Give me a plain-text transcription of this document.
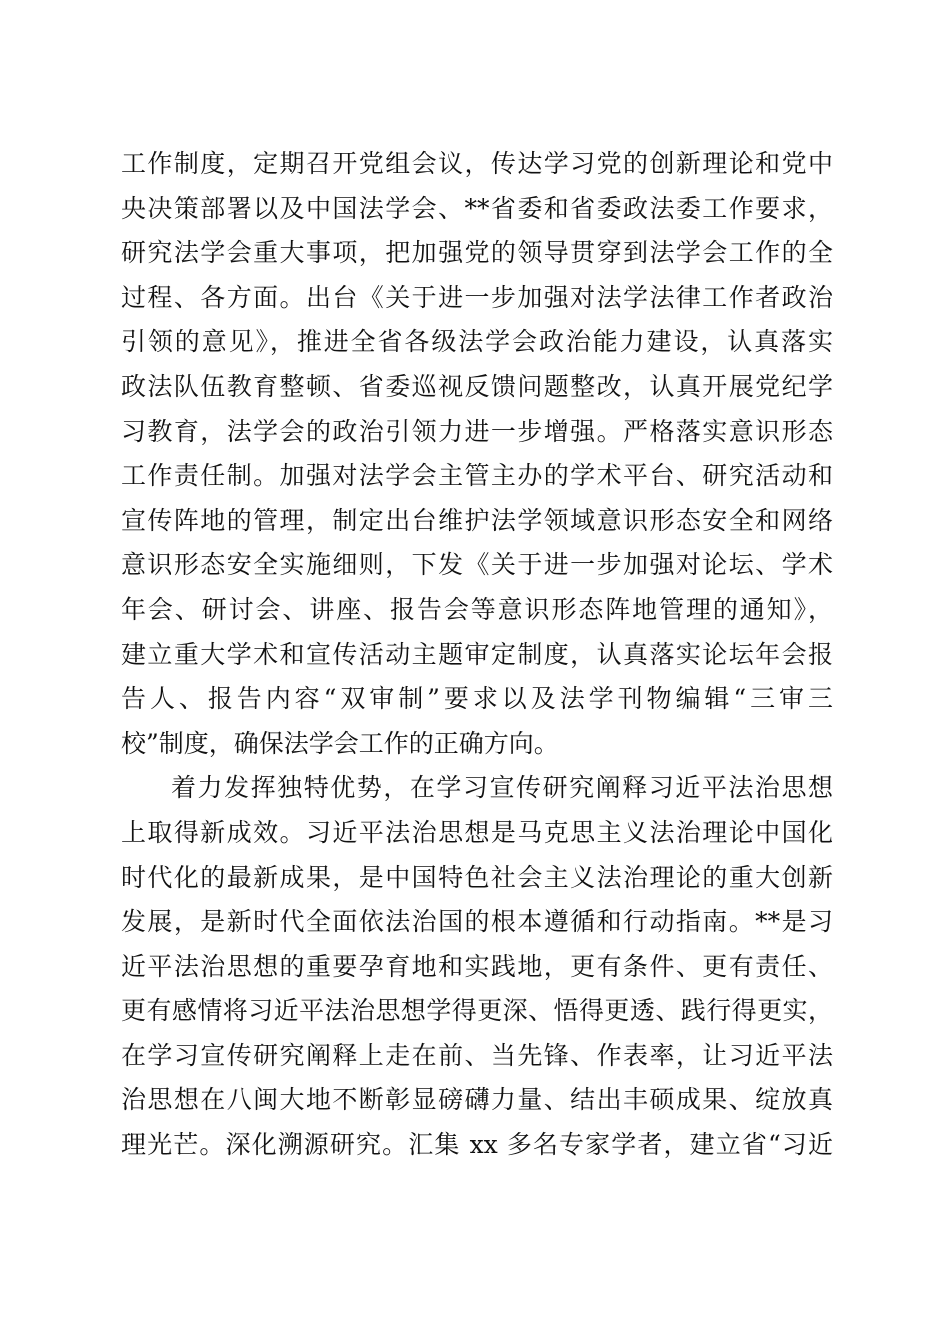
工作制度，定期召开党组会议，传达学习党的创新理论和党中
央决策部署以及中国法学会、**省委和省委政法委工作要求，
研究法学会重大事项，把加强党的领导贯穿到法学会工作的全
过程、各方面。出台《关于进一步加强对法学法律工作者政治
引领的意见》，推进全省各级法学会政治能力建设，认真落实
政法队伍教育整顿、省委巡视反馈问题整改，认真开展党纪学
习教育，法学会的政治引领力进一步增强。严格落实意识形态
工作责任制。加强对法学会主管主办的学术平台、研究活动和
宣传阵地的管理，制定出台维护法学领域意识形态安全和网络
意识形态安全实施细则，下发《关于进一步加强对论坛、学术
年会、研讨会、讲座、报告会等意识形态阵地管理的通知》，
建立重大学术和宣传活动主题审定制度，认真落实论坛年会报
告人、报告内容“双审制”要求以及法学刊物编辑“三审三
校”制度，确保法学会工作的正确方向。

着力发挥独特优势，在学习宣传研究阐释习近平法治思想
上取得新成效。习近平法治思想是马克思主义法治理论中国化
时代化的最新成果，是中国特色社会主义法治理论的重大创新
发展，是新时代全面依法治国的根本遵循和行动指南。**是习
近平法治思想的重要孕育地和实践地，更有条件、更有责任、
更有感情将习近平法治思想学得更深、悟得更透、践行得更实，
在学习宣传研究阐释上走在前、当先锋、作表率，让习近平法
治思想在八闽大地不断彰显磅礴力量、结出丰硕成果、绽放真
理光芒。深化溯源研究。汇集 xx 多名专家学者，建立省“习近
